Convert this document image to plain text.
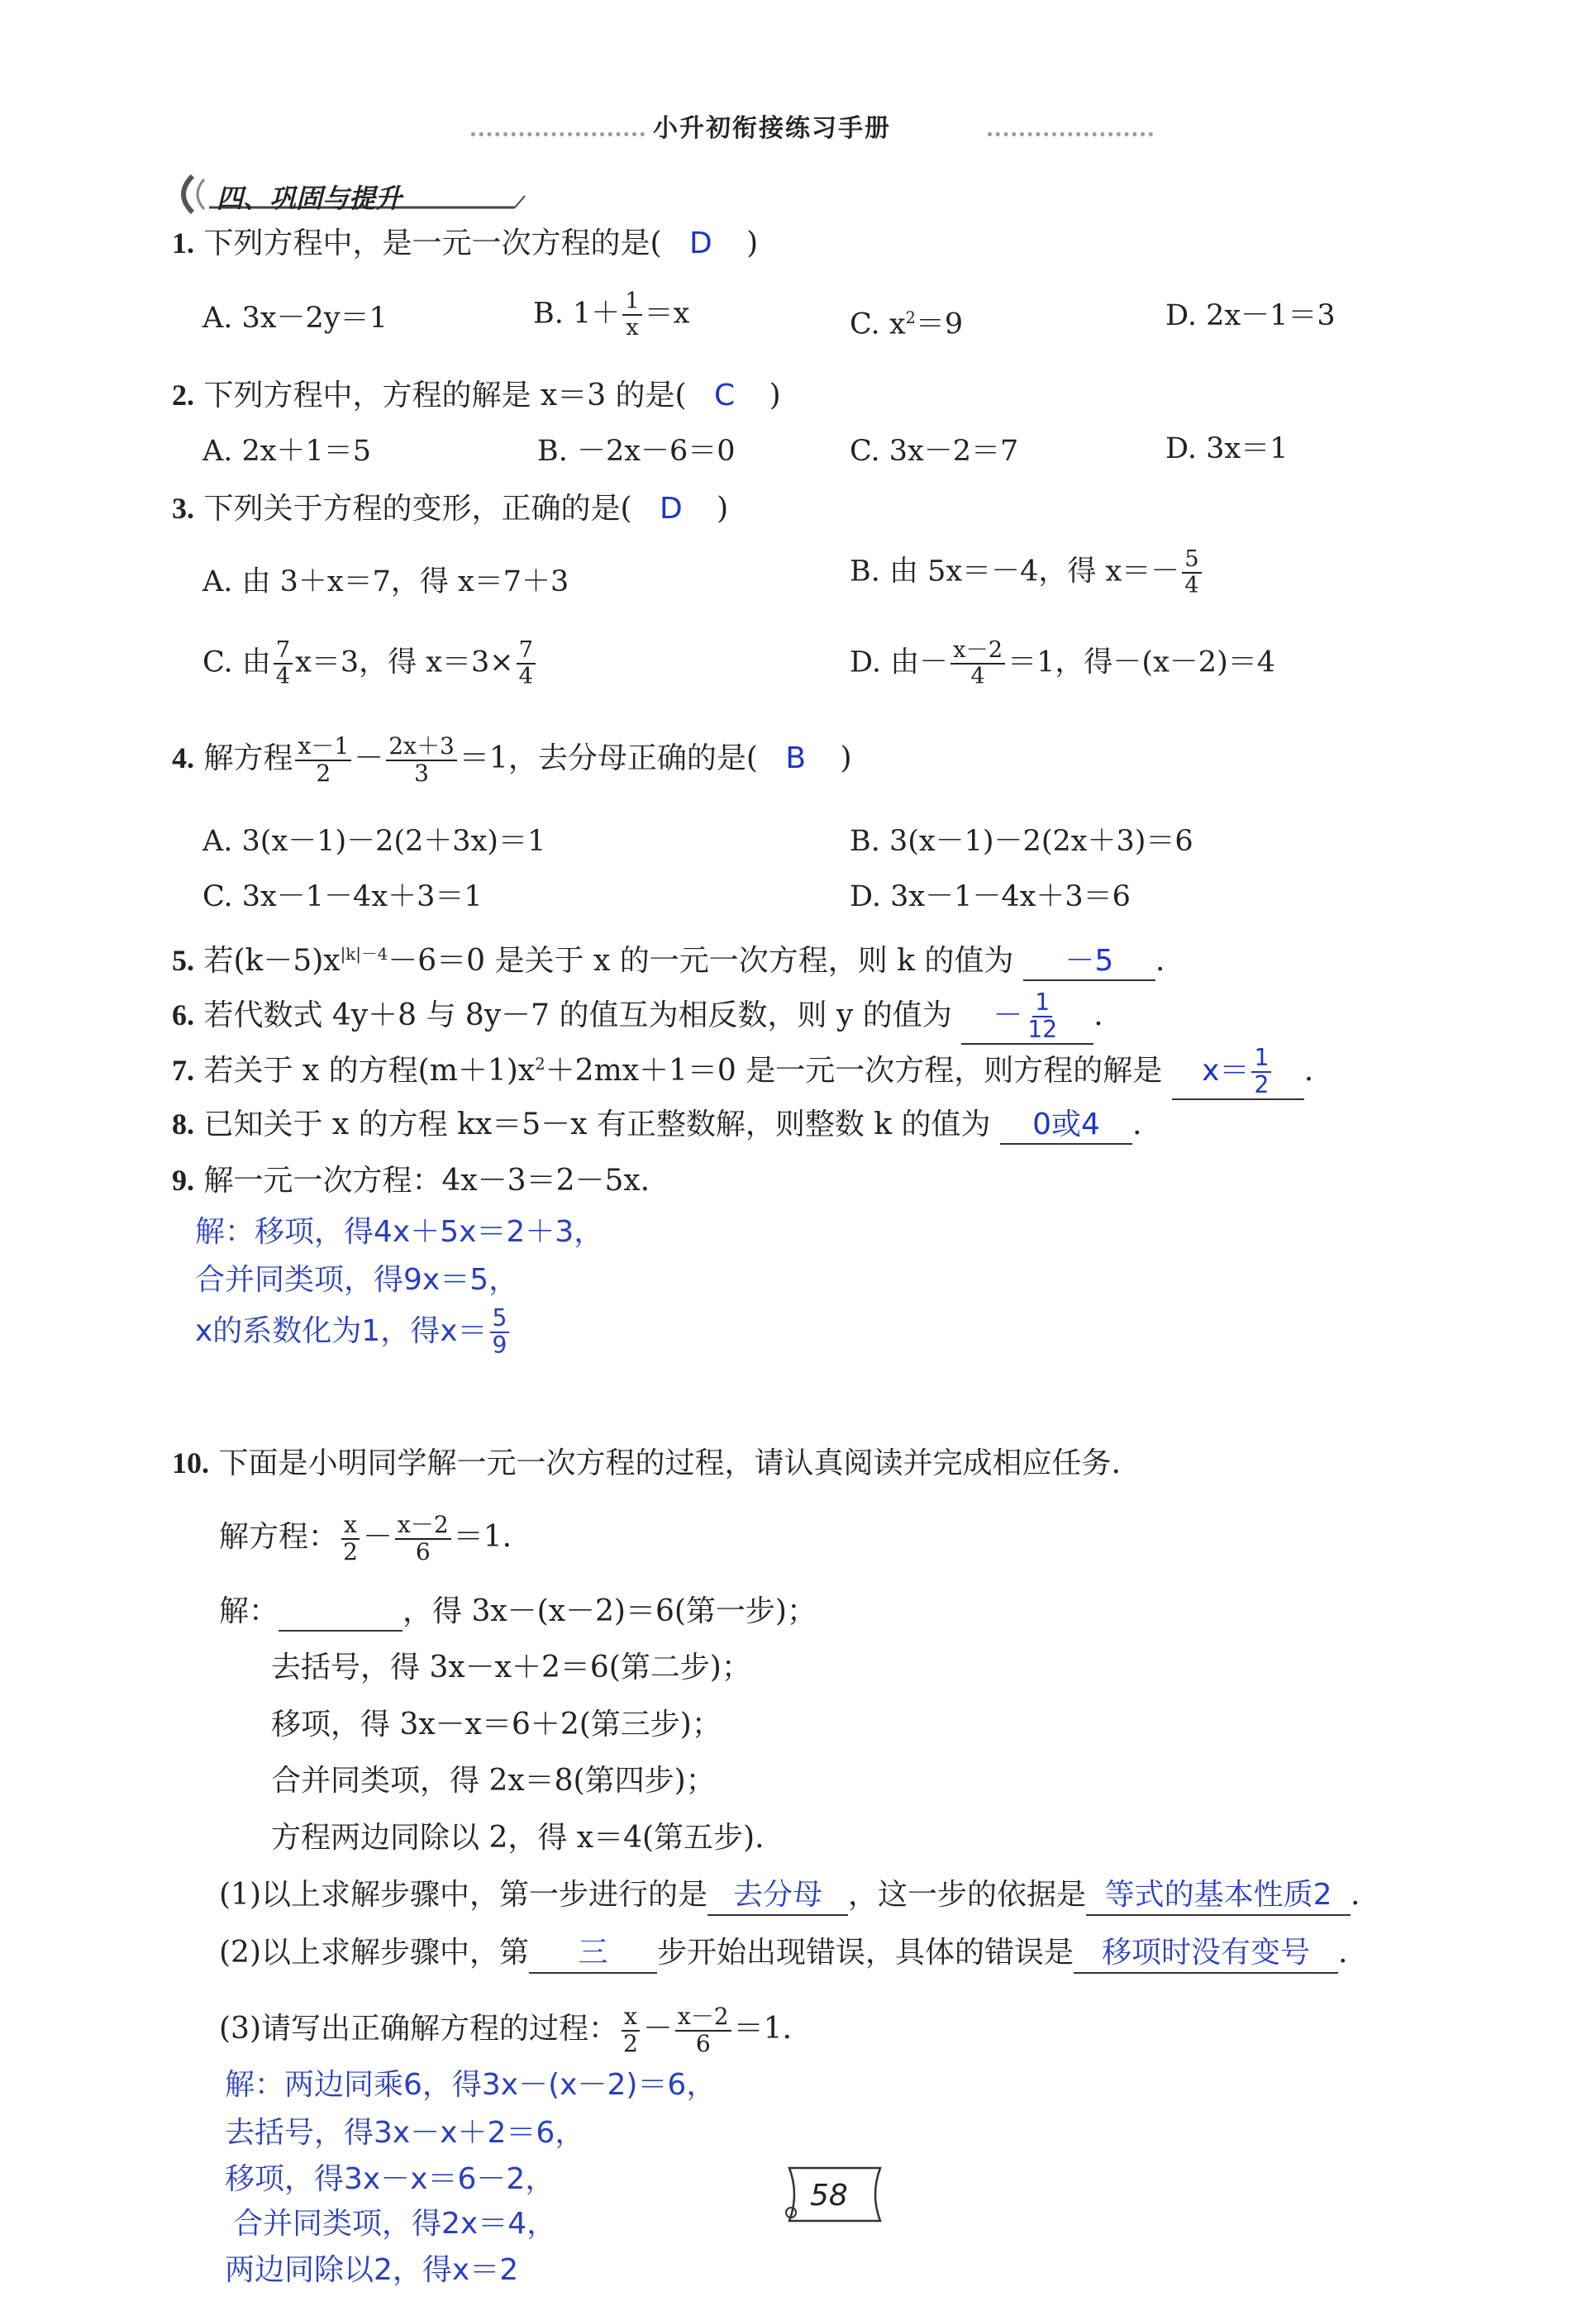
小升初衔接练习手册
四、巩固与提升
1. 下列方程中，是一元一次方程的是( D )
A. 3x－2y＝1	B. $1+ \frac{1}{x} =x$	C. $x^2=9$	D. 2x－1＝3
2. 下列方程中，方程的解是 x＝3 的是( C )
A. 2x＋1＝5	B. －2x－6＝0	C. 3x－2＝7	D. 3x＝1
3. 下列关于方程的变形，正确的是( D )
A. 由 3＋x＝7，得 x＝7＋3	B. 由 5x＝－4，得 $x=- \frac{5}{4}$
C. 由 $\frac{7}{4} x=3$，得 $x=3\times \frac{7}{4}$	D. 由－ $\frac{x-2}{4} =1$，得－(x－2)＝4
4. 解方程 $\frac{x-1}{2} - \frac{2x+3}{3} =1$，去分母正确的是( B )
A. 3(x－1)－2(2＋3x)＝1	B. 3(x－1)－2(2x＋3)＝6
C. 3x－1－4x＋3＝1	D. 3x－1－4x＋3＝6
5. 若$(k-5)x^{|k|-4}-6=0$ 是关于 x 的一元一次方程，则 k 的值为 －5 .
6. 若代数式 4y＋8 与 8y－7 的值互为相反数，则 y 的值为 － $\frac{1}{12}$ .
7. 若关于 x 的方程$(m+1)x^2+2mx+1=0$ 是一元一次方程，则方程的解是 $x= \frac{1}{2}$ .
8. 已知关于 x 的方程 kx＝5－x 有正整数解，则整数 k 的值为 0或4 .
9. 解一元一次方程：4x－3＝2－5x.
解：移项，得4x＋5x＝2＋3，
合并同类项，得9x＝5，
x的系数化为1，得$x= \frac{5}{9}$
10. 下面是小明同学解一元一次方程的过程，请认真阅读并完成相应任务.
解方程： $\frac{x}{2} - \frac{x-2}{6} =1$.
解：	，得 3x－(x－2)＝6(第一步)；
去括号，得 3x－x＋2＝6(第二步)；
移项，得 3x－x＝6＋2(第三步)；
合并同类项，得 2x＝8(第四步)；
方程两边同除以 2，得 x＝4(第五步).
(1)以上求解步骤中，第一步进行的是 去分母 ，这一步的依据是 等式的基本性质2 .
(2)以上求解步骤中，第 三 步开始出现错误，具体的错误是 移项时没有变号 .
(3)请写出正确解方程的过程： $\frac{x}{2} - \frac{x-2}{6} =1$.
解：两边同乘6，得3x－(x－2)＝6，
去括号，得3x－x＋2＝6，
移项，得3x－x＝6－2，
合并同类项，得2x＝4，
两边同除以2，得x＝2
58
